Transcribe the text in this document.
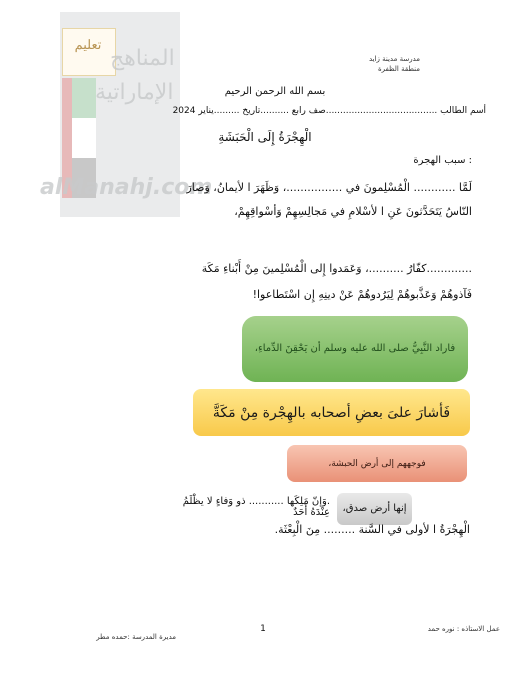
تعليم
المناهج
الإماراتية
alManahj.com
مدرسة مدينة زايد
منطقة الظفرة
بسم الله الرحمن الرحيم
أسم الطالب .......................................صف رابع ..........تاريخ .........يناير 2024
الْهِجْرَةُ إِلَى الْحَبَشَةِ
: سبب الهجرة
لَمَّا ............ الْمُسْلِمونَ في ................، وَظَهَرَ ا لأيمانُ، وَصارَ
النّاسُ يَتَحَدَّثونَ عَنِ ا لأسْلامِ في مَجالِسِهِمْ وَأسْواقِهِمْ،
.............كفّارُ ..........، وَعَمَدوا إِلى الْمُسْلِمينَ مِنْ أَبْناءِ مَكَة
فَآذوهُمْ وَعَذَّبوهُمْ لِيَرُدوهُمْ عَنْ دينِهِ إِن اسْتَطاعوا!
فاراد النَّبِيُّ صلى الله عليه وسلم أن يَحْقِنَ الدِّماءِ،
فَأشارَ علىَ بعضِ أصحابه بالهِجْرة مِنْ مَكَةَّ
فوجههم إلى أرض الحبشة،
إنها أرض صدق،
.وَإنّ مَلِكَها ........... ذو وَفاءٍ لا يظْلَمُ عِنْدَهُ أَحَدٌ
الْهِجْرَةُ ا لأولى في السَّنة ......... مِنَ الْبِعْثَة.
1	عمل الاستاذه : نوره حمد
مديرة المدرسة :حمده مطر
